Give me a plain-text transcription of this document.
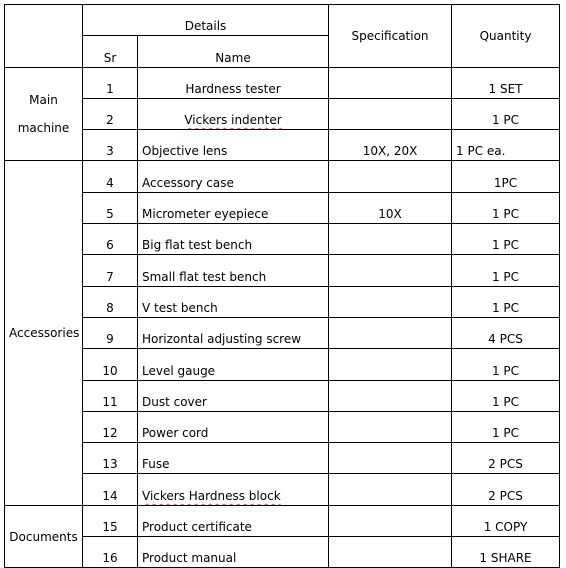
	Details		Specification	Quantity
	Sr	Name		

Main
machine	1	Hardness tester		1 SET
	2	Vickers indenter		1 PC
	3	Objective lens	10X, 20X	1 PC ea.
Accessories	4	Accessory case		1PC
	5	Micrometer eyepiece	10X	1 PC
	6	Big flat test bench		1 PC
	7	Small flat test bench		1 PC
	8	V test bench		1 PC
	9	Horizontal adjusting screw		4 PCS
	10	Level gauge		1 PC
	11	Dust cover		1 PC
	12	Power cord		1 PC
	13	Fuse		2 PCS
	14	Vickers Hardness block		2 PCS
Documents	15	Product certificate		1 COPY
	16	Product manual		1 SHARE
